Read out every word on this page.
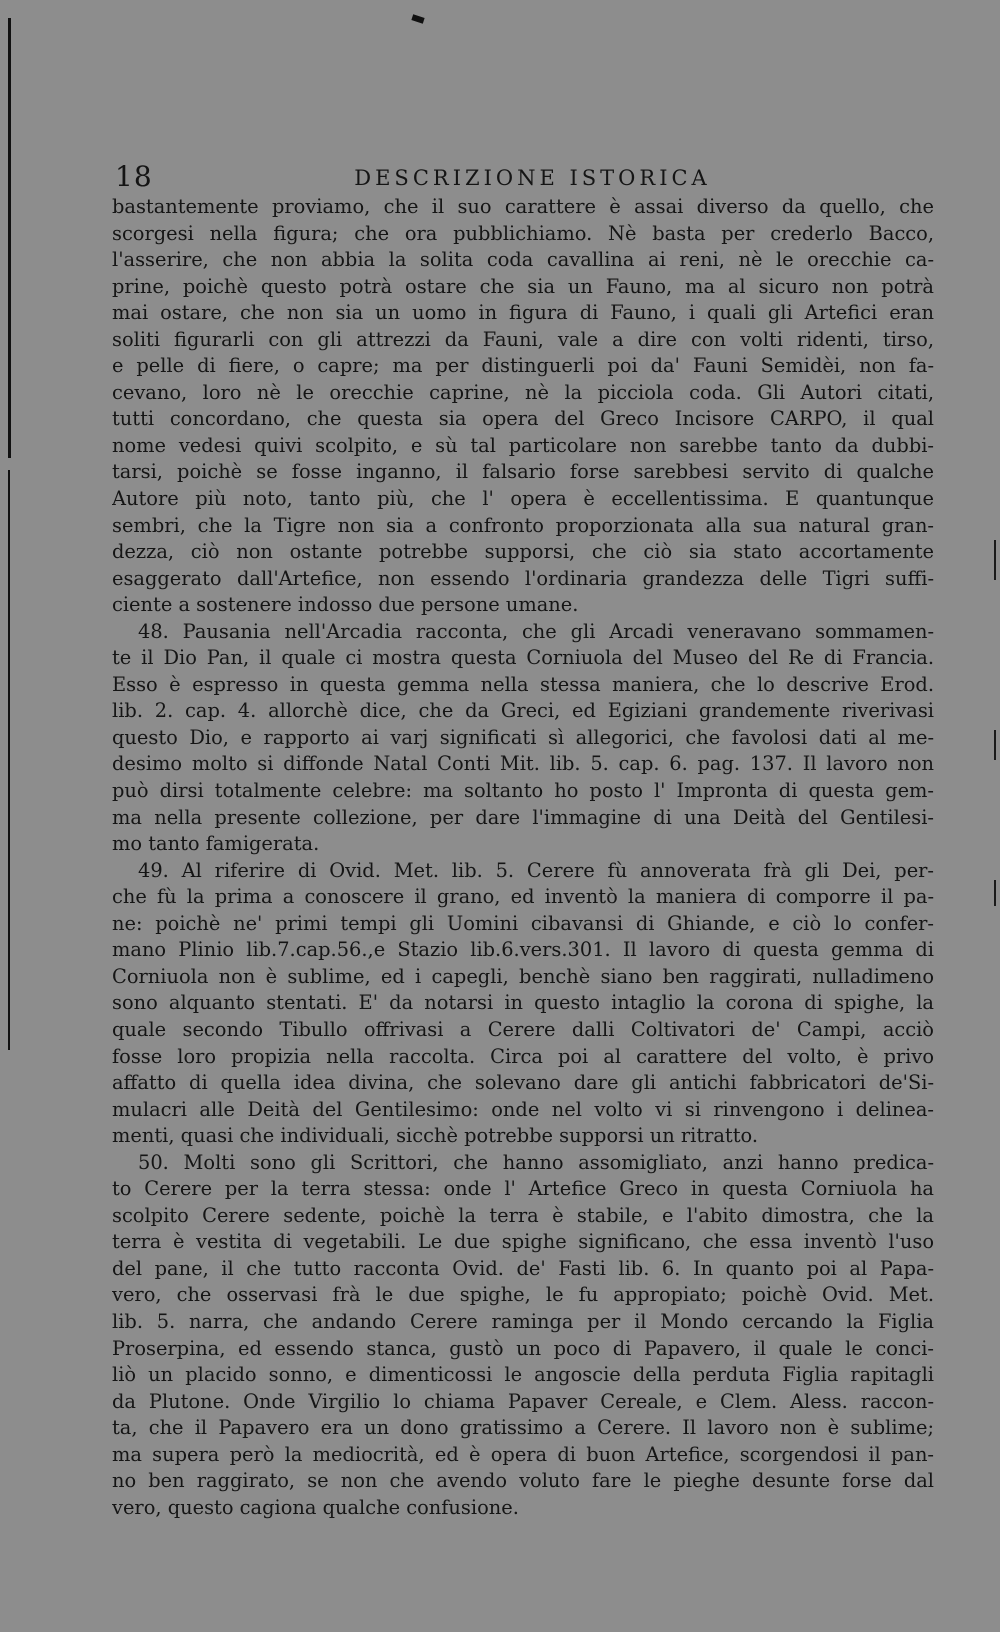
18	DESCRIZIONE ISTORICA
bastantemente proviamo, che il suo carattere è assai diverso da quello, che
scorgesi nella figura; che ora pubblichiamo. Nè basta per crederlo Bacco,
l'asserire, che non abbia la solita coda cavallina ai reni, nè le orecchie ca-
prine, poichè questo potrà ostare che sia un Fauno, ma al sicuro non potrà
mai ostare, che non sia un uomo in figura di Fauno, i quali gli Artefici eran
soliti figurarli con gli attrezzi da Fauni, vale a dire con volti ridenti, tirso,
e pelle di fiere, o capre; ma per distinguerli poi da' Fauni Semidèi, non fa-
cevano, loro nè le orecchie caprine, nè la picciola coda. Gli Autori citati,
tutti concordano, che questa sia opera del Greco Incisore CARPO, il qual
nome vedesi quivi scolpito, e sù tal particolare non sarebbe tanto da dubbi-
tarsi, poichè se fosse inganno, il falsario forse sarebbesi servito di qualche
Autore più noto, tanto più, che l' opera è eccellentissima. E quantunque
sembri, che la Tigre non sia a confronto proporzionata alla sua natural gran-
dezza, ciò non ostante potrebbe supporsi, che ciò sia stato accortamente
esaggerato dall'Artefice, non essendo l'ordinaria grandezza delle Tigri suffi-
ciente a sostenere indosso due persone umane.
48. Pausania nell'Arcadia racconta, che gli Arcadi veneravano sommamen-
te il Dio Pan, il quale ci mostra questa Corniuola del Museo del Re di Francia.
Esso è espresso in questa gemma nella stessa maniera, che lo descrive Erod.
lib. 2. cap. 4. allorchè dice, che da Greci, ed Egiziani grandemente riverivasi
questo Dio, e rapporto ai varj significati sì allegorici, che favolosi dati al me-
desimo molto si diffonde Natal Conti Mit. lib. 5. cap. 6. pag. 137. Il lavoro non
può dirsi totalmente celebre: ma soltanto ho posto l' Impronta di questa gem-
ma nella presente collezione, per dare l'immagine di una Deità del Gentilesi-
mo tanto famigerata.
49. Al riferire di Ovid. Met. lib. 5. Cerere fù annoverata frà gli Dei, per-
che fù la prima a conoscere il grano, ed inventò la maniera di comporre il pa-
ne: poichè ne' primi tempi gli Uomini cibavansi di Ghiande, e ciò lo confer-
mano Plinio lib.7.cap.56.,e Stazio lib.6.vers.301. Il lavoro di questa gemma di
Corniuola non è sublime, ed i capegli, benchè siano ben raggirati, nulladimeno
sono alquanto stentati. E' da notarsi in questo intaglio la corona di spighe, la
quale secondo Tibullo offrivasi a Cerere dalli Coltivatori de' Campi, acciò
fosse loro propizia nella raccolta. Circa poi al carattere del volto, è privo
affatto di quella idea divina, che solevano dare gli antichi fabbricatori de'Si-
mulacri alle Deità del Gentilesimo: onde nel volto vi si rinvengono i delinea-
menti, quasi che individuali, sicchè potrebbe supporsi un ritratto.
50. Molti sono gli Scrittori, che hanno assomigliato, anzi hanno predica-
to Cerere per la terra stessa: onde l' Artefice Greco in questa Corniuola ha
scolpito Cerere sedente, poichè la terra è stabile, e l'abito dimostra, che la
terra è vestita di vegetabili. Le due spighe significano, che essa inventò l'uso
del pane, il che tutto racconta Ovid. de' Fasti lib. 6. In quanto poi al Papa-
vero, che osservasi frà le due spighe, le fu appropiato; poichè Ovid. Met.
lib. 5. narra, che andando Cerere raminga per il Mondo cercando la Figlia
Proserpina, ed essendo stanca, gustò un poco di Papavero, il quale le conci-
liò un placido sonno, e dimenticossi le angoscie della perduta Figlia rapitagli
da Plutone. Onde Virgilio lo chiama Papaver Cereale, e Clem. Aless. raccon-
ta, che il Papavero era un dono gratissimo a Cerere. Il lavoro non è sublime;
ma supera però la mediocrità, ed è opera di buon Artefice, scorgendosi il pan-
no ben raggirato, se non che avendo voluto fare le pieghe desunte forse dal
vero, questo cagiona qualche confusione.
